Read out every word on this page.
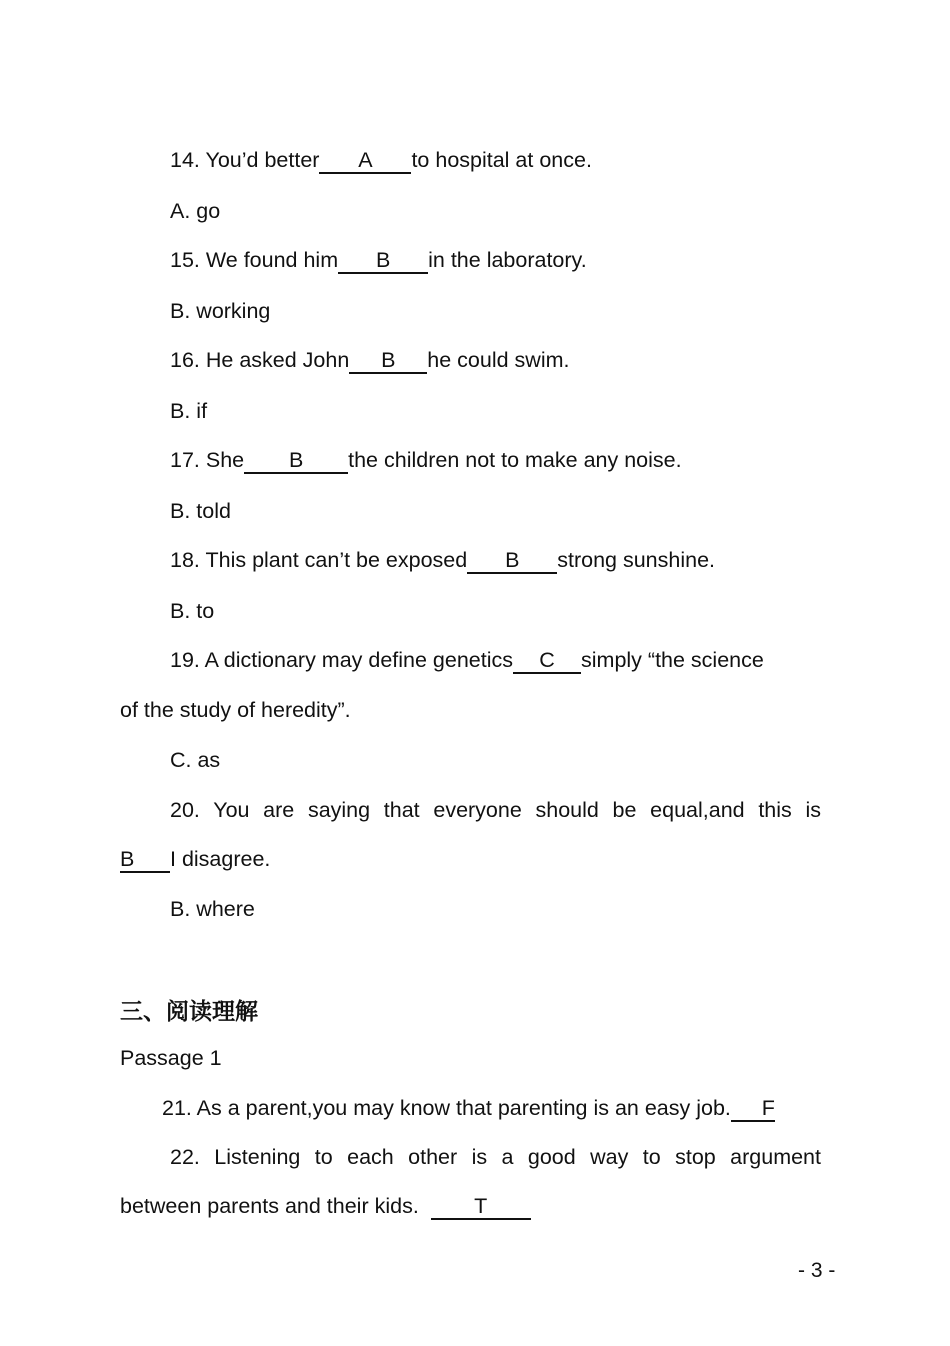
14. You’d better A to hospital at once.
A. go
15. We found him B in the laboratory.
B. working
16. He asked John B he could swim.
B. if
17. She B the children not to make any noise.
B. told
18. This plant can’t be exposed B strong sunshine.
B. to
19. A dictionary may define genetics C simply “the science
of the study of heredity”.
C. as
20. You are saying that everyone should be equal,and this is
B I disagree.
B. where
三、阅读理解
Passage 1
21. As a parent,you may know that parenting is an easy job. F
22. Listening to each other is a good way to stop argument
between parents and their kids.	T
- 3 -
